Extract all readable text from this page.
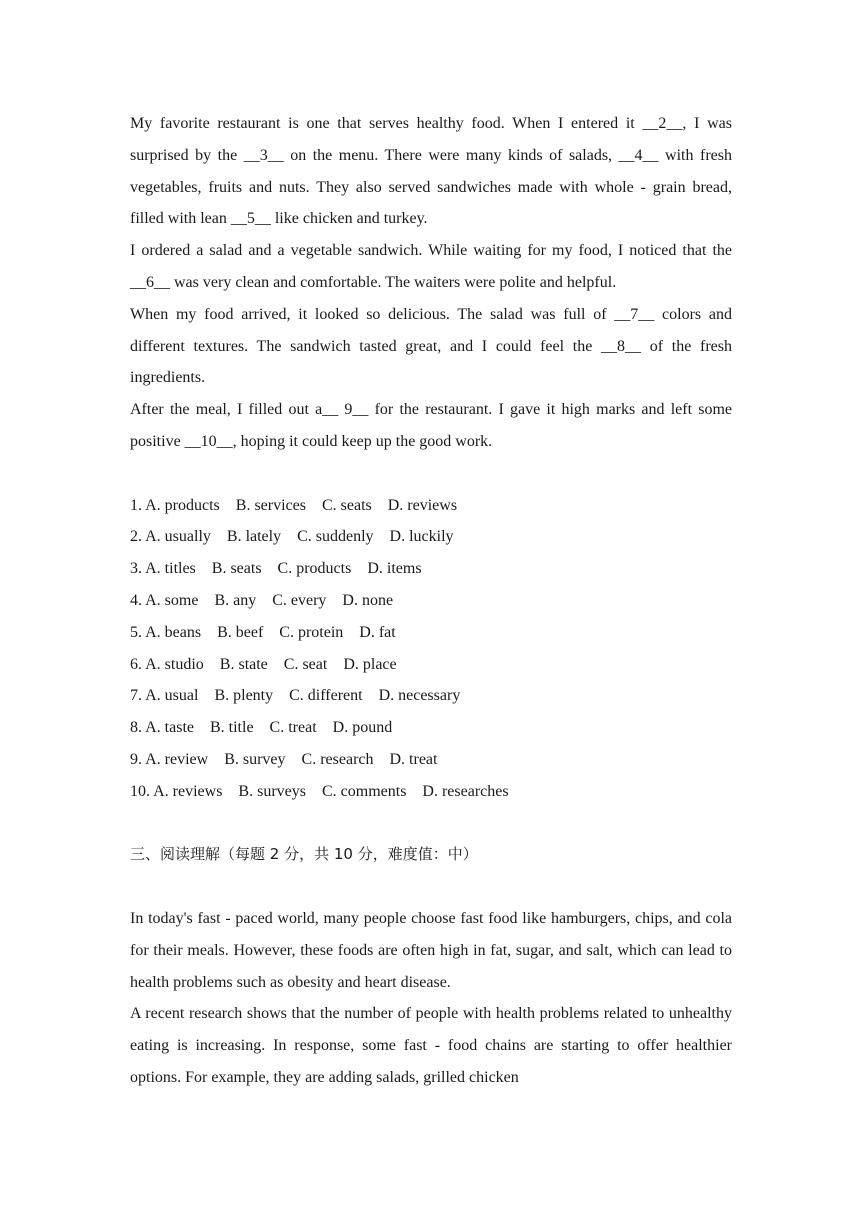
My favorite restaurant is one that serves healthy food. When I entered it __2__, I was surprised by the __3__ on the menu. There were many kinds of salads, __4__ with fresh vegetables, fruits and nuts. They also served sandwiches made with whole - grain bread, filled with lean __5__ like chicken and turkey.

I ordered a salad and a vegetable sandwich. While waiting for my food, I noticed that the __6__ was very clean and comfortable. The waiters were polite and helpful.

When my food arrived, it looked so delicious. The salad was full of __7__ colors and different textures. The sandwich tasted great, and I could feel the __8__ of the fresh ingredients.

After the meal, I filled out a__ 9__ for the restaurant. I gave it high marks and left some positive __10__, hoping it could keep up the good work.

1. A. products    B. services    C. seats    D. reviews
2. A. usually    B. lately    C. suddenly    D. luckily
3. A. titles    B. seats    C. products    D. items
4. A. some    B. any    C. every    D. none
5. A. beans    B. beef    C. protein    D. fat
6. A. studio    B. state    C. seat    D. place
7. A. usual    B. plenty    C. different    D. necessary
8. A. taste    B. title    C. treat    D. pound
9. A. review    B. survey    C. research    D. treat
10. A. reviews    B. surveys    C. comments    D. researches

三、阅读理解（每题 2 分，共 10 分，难度值：中）

In today's fast - paced world, many people choose fast food like hamburgers, chips, and cola for their meals. However, these foods are often high in fat, sugar, and salt, which can lead to health problems such as obesity and heart disease.

A recent research shows that the number of people with health problems related to unhealthy eating is increasing. In response, some fast - food chains are starting to offer healthier options. For example, they are adding salads, grilled chicken
